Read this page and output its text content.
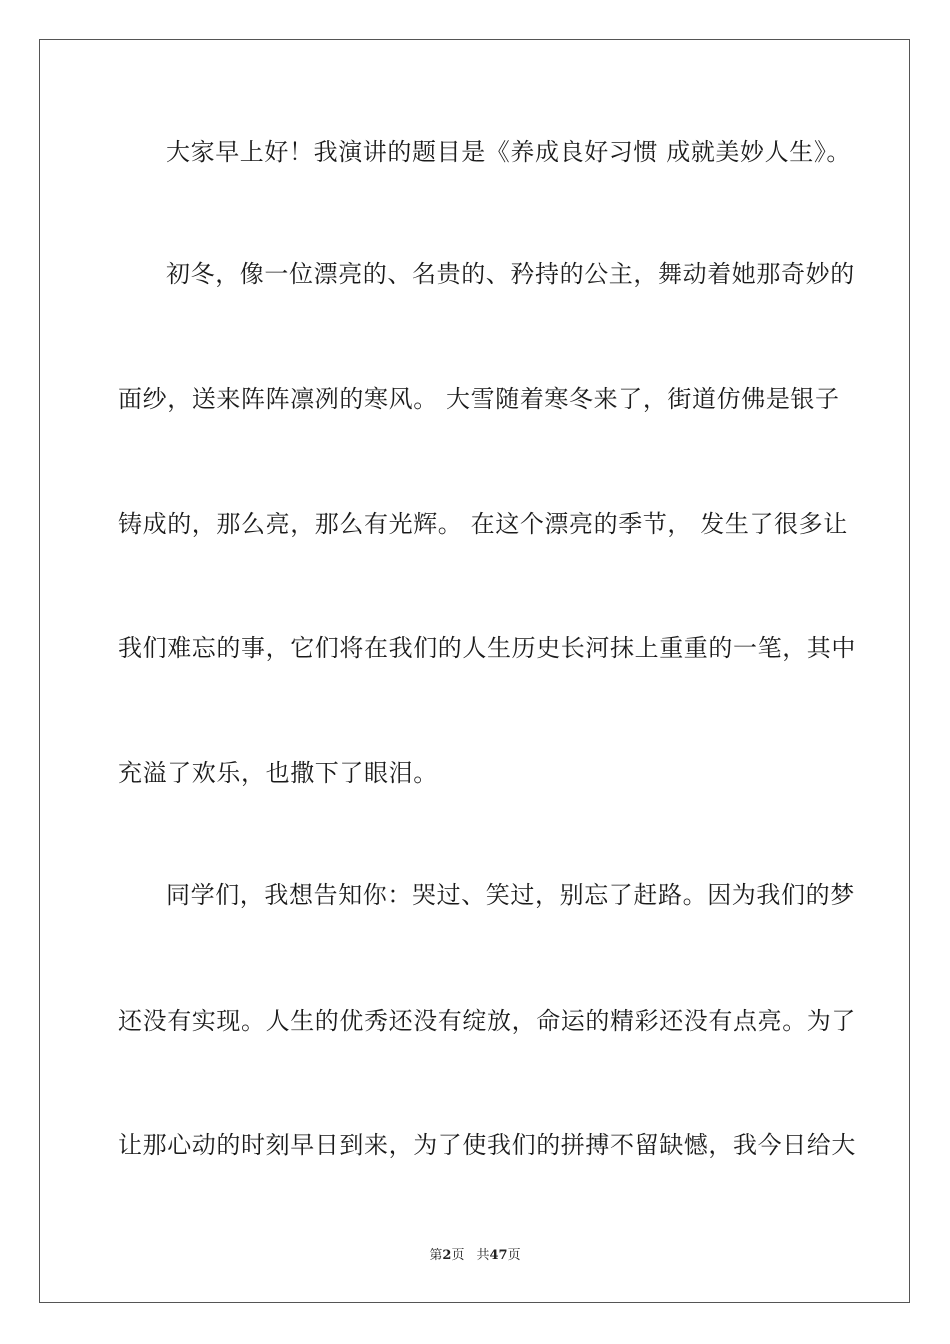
大家早上好！我演讲的题目是《养成良好习惯 成就美妙人生》。
初冬，像一位漂亮的、名贵的、矜持的公主，舞动着她那奇妙的
面纱，送来阵阵凛冽的寒风。 大雪随着寒冬来了，街道仿佛是银子
铸成的，那么亮，那么有光辉。 在这个漂亮的季节， 发生了很多让
我们难忘的事，它们将在我们的人生历史长河抹上重重的一笔，其中
充溢了欢乐，也撒下了眼泪。
同学们，我想告知你：哭过、笑过，别忘了赶路。因为我们的梦
还没有实现。人生的优秀还没有绽放，命运的精彩还没有点亮。为了
让那心动的时刻早日到来，为了使我们的拼搏不留缺憾，我今日给大
第2页 共47页
